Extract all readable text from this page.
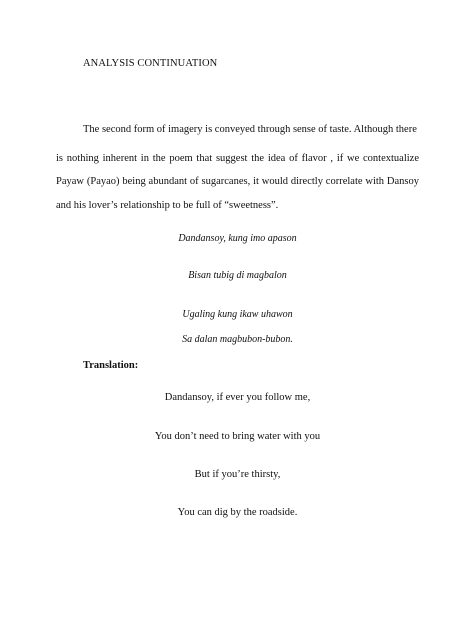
ANALYSIS CONTINUATION
The second form of imagery is conveyed through sense of taste. Although there
is nothing inherent in the poem that suggest the idea of flavor , if we contextualize
Payaw (Payao) being abundant of sugarcanes, it would directly correlate with Dansoy
and his lover’s relationship to be full of “sweetness”.
Dandansoy, kung imo apason
Bisan tubig di magbalon
Ugaling kung ikaw uhawon
Sa dalan magbubon-bubon.
Translation:
Dandansoy, if ever you follow me,
You don’t need to bring water with you
But if you’re thirsty,
You can dig by the roadside.
